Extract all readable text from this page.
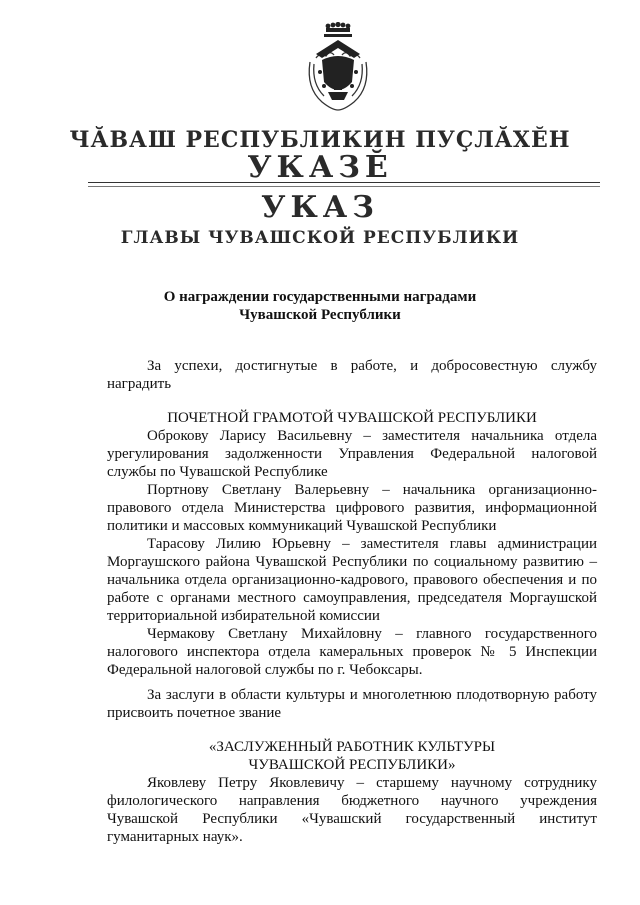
ЧӐВАШ РЕСПУБЛИКИН ПУҪЛĂХĔН
УКАЗĔ
УКАЗ
ГЛАВЫ ЧУВАШСКОЙ РЕСПУБЛИКИ
О награждении государственными наградами
Чувашской Республики

За успехи, достигнутые в работе, и добросовестную службу наградить

ПОЧЕТНОЙ ГРАМОТОЙ ЧУВАШСКОЙ РЕСПУБЛИКИ

Оброкову Ларису Васильевну – заместителя начальника отдела урегулирования задолженности Управления Федеральной налоговой службы по Чувашской Республике

Портнову Светлану Валерьевну – начальника организационно-правового отдела Министерства цифрового развития, информационной политики и массовых коммуникаций Чувашской Республики

Тарасову Лилию Юрьевну – заместителя главы администрации Моргаушского района Чувашской Республики по социальному развитию – начальника отдела организационно-кадрового, правового обеспечения и по работе с органами местного самоуправления, председателя Моргаушской территориальной избирательной комиссии

Чермакову Светлану Михайловну – главного государственного налогового инспектора отдела камеральных проверок № 5 Инспекции Федеральной налоговой службы по г. Чебоксары.

За заслуги в области культуры и многолетнюю плодотворную работу присвоить почетное звание

«ЗАСЛУЖЕННЫЙ РАБОТНИК КУЛЬТУРЫ
ЧУВАШСКОЙ РЕСПУБЛИКИ»

Яковлеву Петру Яковлевичу – старшему научному сотруднику филологического направления бюджетного научного учреждения Чувашской Республики «Чувашский государственный институт гуманитарных наук».
